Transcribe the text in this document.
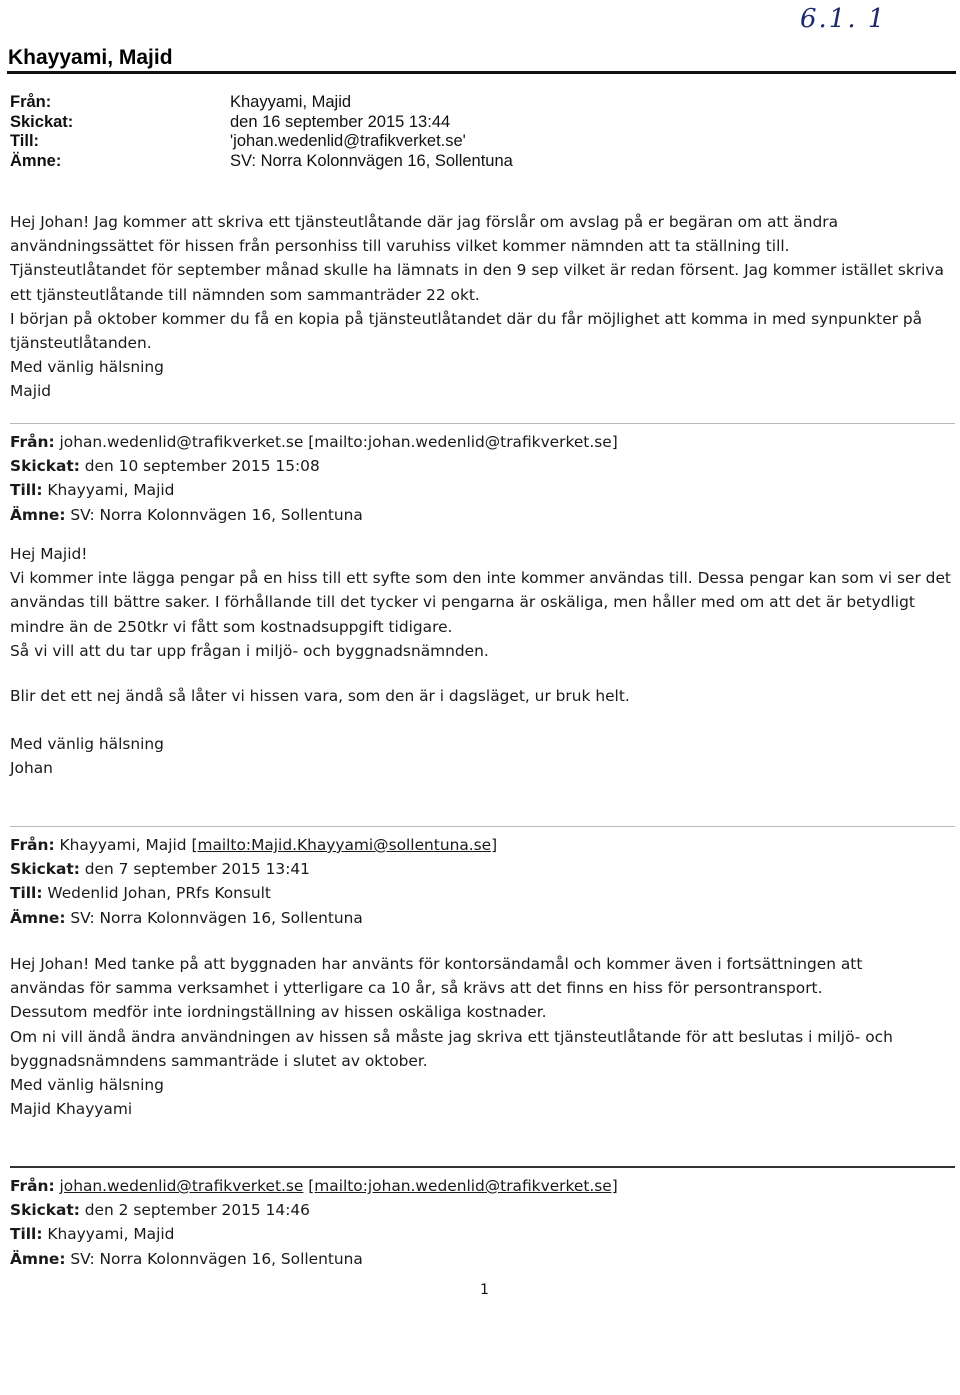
6.1. 1
Khayyami, Majid
Från:	Khayyami, Majid
Skickat:	den 16 september 2015 13:44
Till:	'johan.wedenlid@trafikverket.se'
Ämne:	SV: Norra Kolonnvägen 16, Sollentuna
Hej Johan! Jag kommer att skriva ett tjänsteutlåtande där jag förslår om avslag på er begäran om att ändra
användningssättet för hissen från personhiss till varuhiss vilket kommer nämnden att ta ställning till.
Tjänsteutlåtandet för september månad skulle ha lämnats in den 9 sep vilket är redan försent. Jag kommer istället skriva
ett tjänsteutlåtande till nämnden som sammanträder 22 okt.
I början på oktober kommer du få en kopia på tjänsteutlåtandet där du får möjlighet att komma in med synpunkter på
tjänsteutlåtanden.
Med vänlig hälsning
Majid
Från: johan.wedenlid@trafikverket.se [mailto:johan.wedenlid@trafikverket.se]
Skickat: den 10 september 2015 15:08
Till: Khayyami, Majid
Ämne: SV: Norra Kolonnvägen 16, Sollentuna
Hej Majid!
Vi kommer inte lägga pengar på en hiss till ett syfte som den inte kommer användas till. Dessa pengar kan som vi ser det
användas till bättre saker. I förhållande till det tycker vi pengarna är oskäliga, men håller med om att det är betydligt
mindre än de 250tkr vi fått som kostnadsuppgift tidigare.
Så vi vill att du tar upp frågan i miljö- och byggnadsnämnden.
Blir det ett nej ändå så låter vi hissen vara, som den är i dagsläget, ur bruk helt.
Med vänlig hälsning
Johan
Från: Khayyami, Majid [mailto:Majid.Khayyami@sollentuna.se]
Skickat: den 7 september 2015 13:41
Till: Wedenlid Johan, PRfs Konsult
Ämne: SV: Norra Kolonnvägen 16, Sollentuna
Hej Johan! Med tanke på att byggnaden har använts för kontorsändamål och kommer även i fortsättningen att
användas för samma verksamhet i ytterligare ca 10 år, så krävs att det finns en hiss för persontransport.
Dessutom medför inte iordningställning av hissen oskäliga kostnader.
Om ni vill ändå ändra användningen av hissen så måste jag skriva ett tjänsteutlåtande för att beslutas i miljö- och
byggnadsnämndens sammanträde i slutet av oktober.
Med vänlig hälsning
Majid Khayyami
Från: johan.wedenlid@trafikverket.se [mailto:johan.wedenlid@trafikverket.se]
Skickat: den 2 september 2015 14:46
Till: Khayyami, Majid
Ämne: SV: Norra Kolonnvägen 16, Sollentuna
1
